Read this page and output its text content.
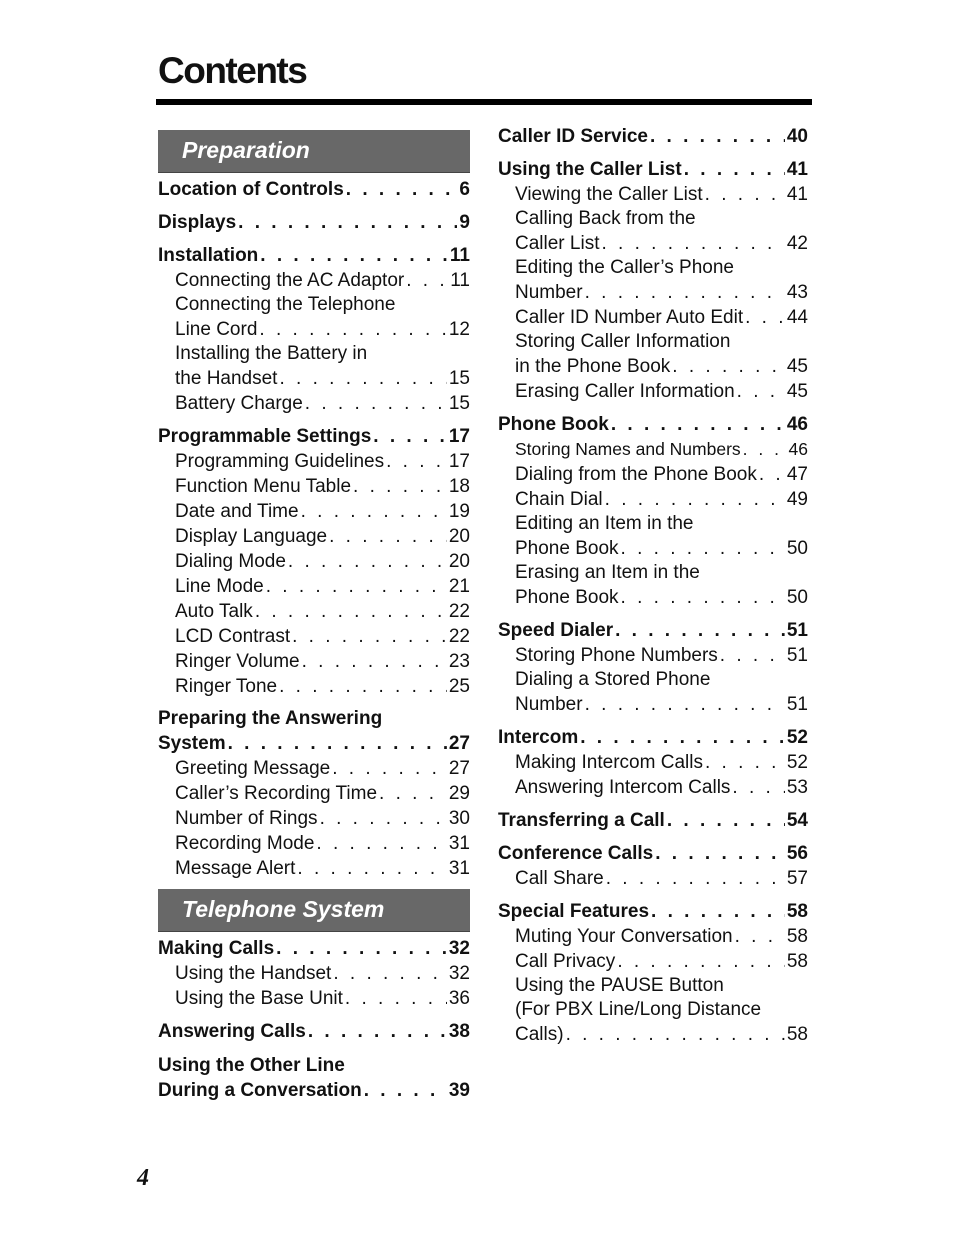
Contents
Preparation
Location of Controls . . .	6
Displays . . .	9
Installation . . .	11
Connecting the AC Adaptor . . . 11
Connecting the Telephone
Line Cord . . .	12
Installing the Battery in
the Handset . . .	15
Battery Charge . . .	15
Programmable Settings . . .	17
Programming Guidelines . . .	17
Function Menu Table . . .	18
Date and Time . . .	19
Display Language . . .	20
Dialing Mode . . .	20
Line Mode . . .	21
Auto Talk . . .	22
LCD Contrast . . .	22
Ringer Volume . . .	23
Ringer Tone . . .	25
Preparing the Answering
System . . .	27
Greeting Message . . .	27
Caller’s Recording Time . . .	29
Number of Rings . . .	30
Recording Mode . . .	31
Message Alert . . .	31
Telephone System
Making Calls . . .	32
Using the Handset . . .	32
Using the Base Unit . . .	36
Answering Calls . . .	38
Using the Other Line
During a Conversation . . .	39
Caller ID Service . . .	40
Using the Caller List . . .	41
Viewing the Caller List . . .	41
Calling Back from the
Caller List . . .	42
Editing the Caller’s Phone
Number . . .	43
Caller ID Number Auto Edit . . . 44
Storing Caller Information
in the Phone Book . . .	45
Erasing Caller Information . . .	45
Phone Book . . .	46
Storing Names and Numbers . . .	46
Dialing from the Phone Book . . . 47
Chain Dial . . .	49
Editing an Item in the
Phone Book . . .	50
Erasing an Item in the
Phone Book . . .	50
Speed Dialer . . .	51
Storing Phone Numbers . . .	51
Dialing a Stored Phone
Number . . .	51
Intercom . . .	52
Making Intercom Calls . . .	52
Answering Intercom Calls . . .	53
Transferring a Call . . .	54
Conference Calls . . .	56
Call Share . . .	57
Special Features . . .	58
Muting Your Conversation . . .	58
Call Privacy . . .	58
Using the PAUSE Button
(For PBX Line/Long Distance
Calls) . . .	58
4
